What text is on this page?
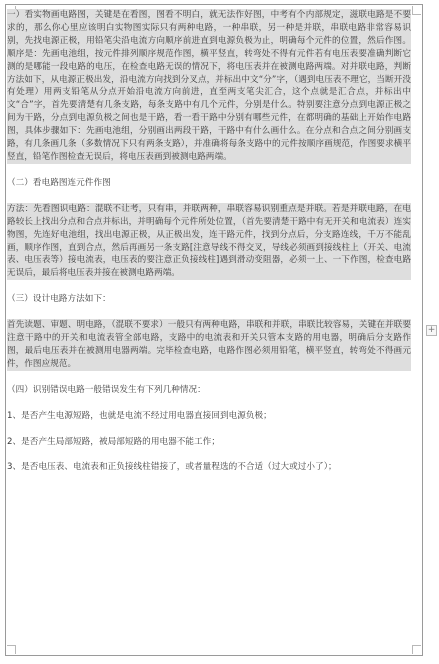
一）看实物画电路图，关键是在看图，图看不明白，就无法作好图，中考有个内部规定，滋联电路是不要求的，那么你心里应该明白实物图实际只有两种电路，一种串联，另一种是并联，串联电路非常容易识别，先找电源正极，用铅笔尖沿电流方向顺序前进直到电源负极为止，明确每个元件的位置，然后作图。顺序是：先画电池组，按元件排列顺序规范作图，横平竖直，转弯处不得有元件若有电压表要准确判断它测的是哪能一段电路的电压，在检查电路无误的情况下，将电压表并在被测电路两端。对并联电路，判断方法如下，从电源正极出发，沿电流方向找到分叉点，并标出中文“分”字，（遇到电压表不理它，当断开没有处理）用两支铅笔从分点开始沿电流方向前进，直至两支笔尖汇合，这个点就是汇合点，并标出中文“合”字，首先要清楚有几条支路，每条支路中有几个元件，分别是什么。特别要注意分点到电源正极之间为干路，分点到电源负极之间也是干路，看一看干路中分别有哪些元件，在都明确的基础上开始作电路图，具体步骤如下：先画电池组，分别画出两段干路，干路中有什么画什么。在分点和合点之间分别画支路，有几条画几条（多数情况下只有两条支路），并准确将每条支路中的元件按顺序画规范，作图要求横平竖直，铅笔作图检查无误后，将电压表画到被测电路两端。

（二）看电路图连元件作图

方法：先看图识电路：混联不让考，只有串，并联两种，串联容易识别重点是并联。若是并联电路，在电路较长上找出分点和合点并标出，并明确每个元件所处位置，（首先要清楚干路中有无开关和电流表）连实物图，先连好电池组，找出电源正极，从正极出发，连干路元件，找到分点后，分支路连线，千万不能乱画，顺序作图，直到合点，然后再画另一条支路[注意导线不得交叉，导线必须画到接线柱上（开关、电流表、电压表等）接电流表，电压表的要注意正负接线柱]遇到滑动变阻器，必须一上、一下作图，检查电路无误后，最后将电压表并接在被测电路两端。

（三）设计电路方法如下：

首先读题、审题、明电路，（混联不要求）一般只有两种电路，串联和并联，串联比较容易，关键在并联要注意干路中的开关和电流表管全部电路，支路中的电流表和开关只管本支路的用电器，明确后分支路作图，最后电压表并在被测用电器两端。完毕检查电路，电路作图必须用铅笔，横平竖直，转弯处不得画元件，作图应规范。

（四）识别错误电路一般错误发生有下列几种情况：

1、是否产生电源短路，也就是电流不经过用电器直接回到电源负极；

2、是否产生局部短路，被局部短路的用电器不能工作；

3、是否电压表、电流表和正负接线柱错接了，或者量程选的不合适（过大或过小了）；

+
